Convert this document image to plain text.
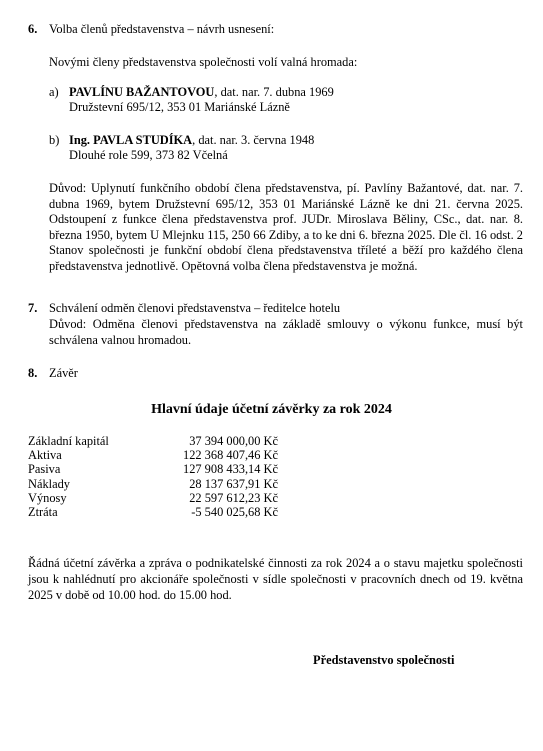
6. Volba členů představenstva – návrh usnesení:
Novými členy představenstva společnosti volí valná hromada:
a) PAVLÍNU BAŽANTOVOU, dat. nar. 7. dubna 1969
Družstevní 695/12, 353 01 Mariánské Lázně
b) Ing. PAVLA STUDÍKA, dat. nar. 3. června 1948
Dlouhé role 599, 373 82 Včelná
Důvod: Uplynutí funkčního období člena představenstva, pí. Pavlíny Bažantové, dat. nar. 7. dubna 1969, bytem Družstevní 695/12, 353 01 Mariánské Lázně ke dni 21. června 2025. Odstoupení z funkce člena představenstva prof. JUDr. Miroslava Běliny, CSc., dat. nar. 8. března 1950, bytem U Mlejnku 115, 250 66 Zdiby, a to ke dni 6. března 2025. Dle čl. 16 odst. 2 Stanov společnosti je funkční období člena představenstva tříleté a běží pro každého člena představenstva jednotlivě. Opětovná volba člena představenstva je možná.
7. Schválení odměn členovi představenstva – ředitelce hotelu
Důvod: Odměna členovi představenstva na základě smlouvy o výkonu funkce, musí být schválena valnou hromadou.
8. Závěr
Hlavní údaje účetní závěrky za rok 2024
Základní kapitál	37 394 000,00 Kč
Aktiva	122 368 407,46 Kč
Pasiva	127 908 433,14 Kč
Náklady	28 137 637,91 Kč
Výnosy	22 597 612,23 Kč
Ztráta	-5 540 025,68 Kč
Řádná účetní závěrka a zpráva o podnikatelské činnosti za rok 2024 a o stavu majetku společnosti jsou k nahlédnutí pro akcionáře společnosti v sídle společnosti v pracovních dnech od 19. května 2025 v době od 10.00 hod. do 15.00 hod.
Představenstvo společnosti
